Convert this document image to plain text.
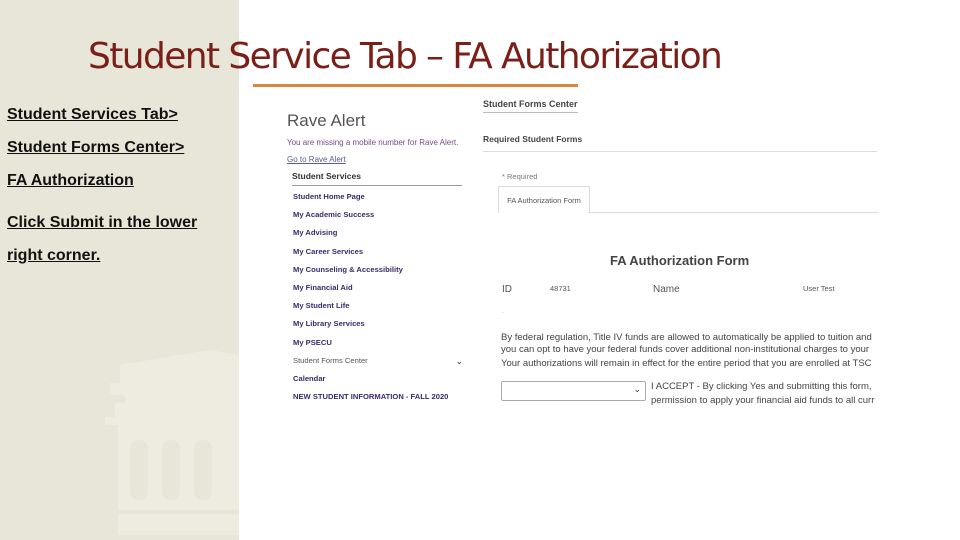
Student Service Tab – FA Authorization
Student Services Tab>
Student Forms Center>
FA Authorization
Click Submit in the lower
right corner.
Rave Alert
You are missing a mobile number for Rave Alert.
Go to Rave Alert
Student Services
Student Home Page
My Academic Success
My Advising
My Career Services
My Counseling & Accessibility
My Financial Aid
My Student Life
My Library Services
My PSECU
Student Forms Center	⌄
Calendar
NEW STUDENT INFORMATION - FALL 2020
Student Forms Center
Required Student Forms
* Required
FA Authorization Form
FA Authorization Form
ID	48731	Name	User Test
.
By federal regulation, Title IV funds are allowed to automatically be applied to tuition and
you can opt to have your federal funds cover additional non-institutional charges to your
Your authorizations will remain in effect for the entire period that you are enrolled at TSC
⌄ I ACCEPT - By clicking Yes and submitting this form,
permission to apply your financial aid funds to all curr
